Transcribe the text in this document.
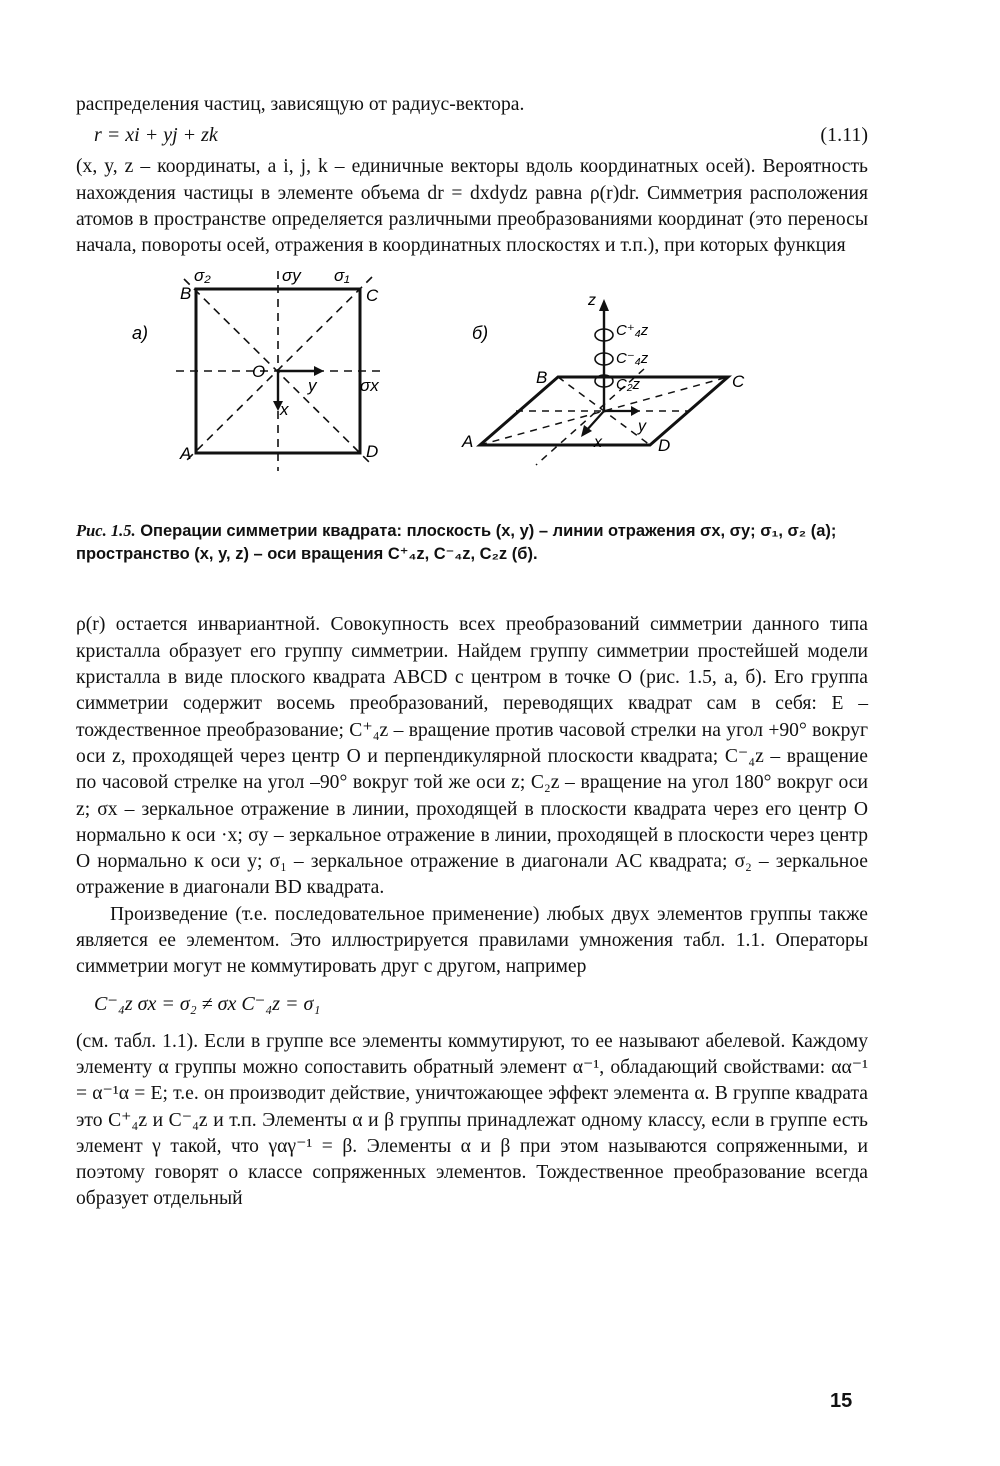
распределения частиц, зависящую от радиус-вектора.

r = xi + yj + zk	(1.11)

(x, y, z – координаты, а i, j, k – единичные векторы вдоль координатных осей). Вероятность нахождения частицы в элементе объема dr = dxdydz равна ρ(r)dr. Симметрия расположения атомов в пространстве определяется различными преобразованиями координат (это переносы начала, повороты осей, отражения в координатных плоскостях и т.п.), при которых функция

а)
B	C
A	D
O
y
x
σ₂	σy σ₁
σx
б)
z
C⁺₄z
C⁻₄z
C₂z
B	C
A	D
y
x

Рис. 1.5. Операции симметрии квадрата: плоскость (x, y) – линии отражения σx, σy; σ₁, σ₂ (а); пространство (x, y, z) – оси вращения C⁺₄z, C⁻₄z, C₂z (б).

ρ(r) остается инвариантной. Совокупность всех преобразований симметрии данного типа кристалла образует его группу симметрии. Найдем группу симметрии простейшей модели кристалла в виде плоского квадрата ABCD с центром в точке O (рис. 1.5, а, б). Его группа симметрии содержит восемь преобразований, переводящих квадрат сам в себя: E – тождественное преобразование; C⁺₄z – вращение против часовой стрелки на угол +90° вокруг оси z, проходящей через центр O и перпендикулярной плоскости квадрата; C⁻₄z – вращение по часовой стрелке на угол –90° вокруг той же оси z; C₂z – вращение на угол 180° вокруг оси z; σx – зеркальное отражение в линии, проходящей в плоскости квадрата через его центр O нормально к оси ·x; σy – зеркальное отражение в линии, проходящей в плоскости через центр O нормально к оси y; σ₁ – зеркальное отражение в диагонали AC квадрата; σ₂ – зеркальное отражение в диагонали BD квадрата.

Произведение (т.е. последовательное применение) любых двух элементов группы также является ее элементом. Это иллюстрируется правилами умножения табл. 1.1. Операторы симметрии могут не коммутировать друг с другом, например

C⁻₄z σx = σ₂ ≠ σx C⁻₄z = σ₁

(см. табл. 1.1). Если в группе все элементы коммутируют, то ее называют абелевой. Каждому элементу α группы можно сопоставить обратный элемент α⁻¹, обладающий свойствами: αα⁻¹ = α⁻¹α = E; т.е. он производит действие, уничтожающее эффект элемента α. В группе квадрата это C⁺₄z и C⁻₄z и т.п. Элементы α и β группы принадлежат одному классу, если в группе есть элемент γ такой, что γαγ⁻¹ = β. Элементы α и β при этом называются сопряженными, и поэтому говорят о классе сопряженных элементов. Тождественное преобразование всегда образует отдельный

15
